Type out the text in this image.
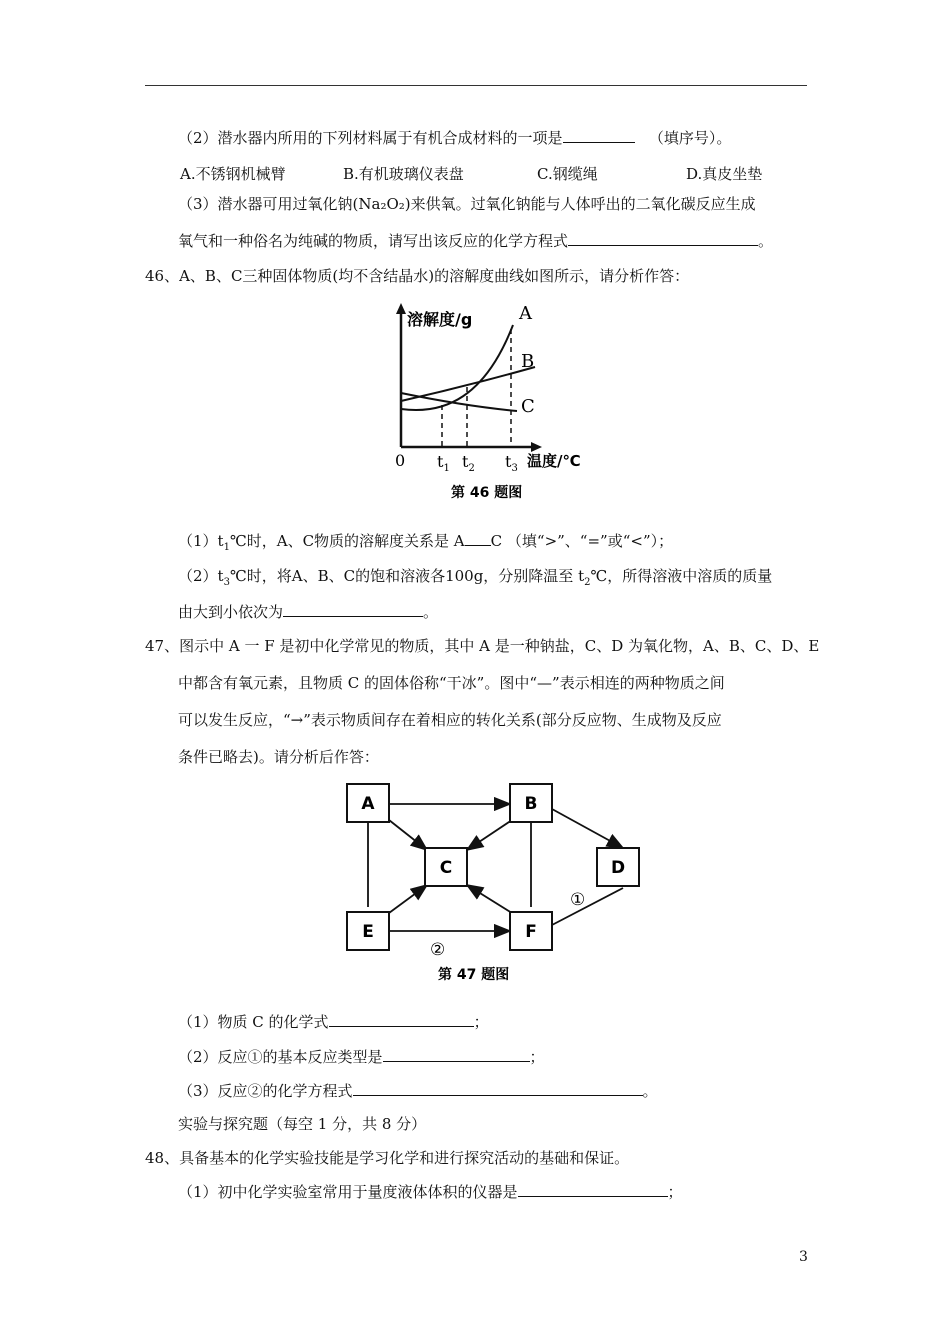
（2）潜水器内所用的下列材料属于有机合成材料的一项是	（填序号）。
A.不锈钢机械臂	B.有机玻璃仪表盘	C.钢缆绳	D.真皮坐垫
（3）潜水器可用过氧化钠(Na₂O₂)来供氧。过氧化钠能与人体呼出的二氧化碳反应生成
氧气和一种俗名为纯碱的物质，请写出该反应的化学方程式	。
46、A、B、C三种固体物质(均不含结晶水)的溶解度曲线如图所示，请分析作答：
溶解度/g	A
B
C
0 $t_1$ $t_2$ $t_3$ 温度/℃
第 46 题图
$(1)t_1℃$时，A、C物质的溶解度关系是 A C （填“>”、“=”或“<”）；
$(2)t_3℃$时，将A、B、C的饱和溶液各100g，分别降温至 $t_2℃$，所得溶液中溶质的质量
由大到小依次为	。
47、图示中 A 一 F 是初中化学常见的物质，其中 A 是一种钠盐，C、D 为氧化物，A、B、C、D、E
中都含有氧元素，且物质 C 的固体俗称“干冰”。图中“—”表示相连的两种物质之间
可以发生反应，“→”表示物质间存在着相应的转化关系(部分反应物、生成物及反应
条件已略去)。请分析后作答：
A	B
C	D
E	F
①
②
第 47 题图
（1）物质 C 的化学式	；
（2）反应①的基本反应类型是	；
（3）反应②的化学方程式	。
实验与探究题（每空 1 分，共 8 分）
48、具备基本的化学实验技能是学习化学和进行探究活动的基础和保证。
（1）初中化学实验室常用于量度液体体积的仪器是	；
3
